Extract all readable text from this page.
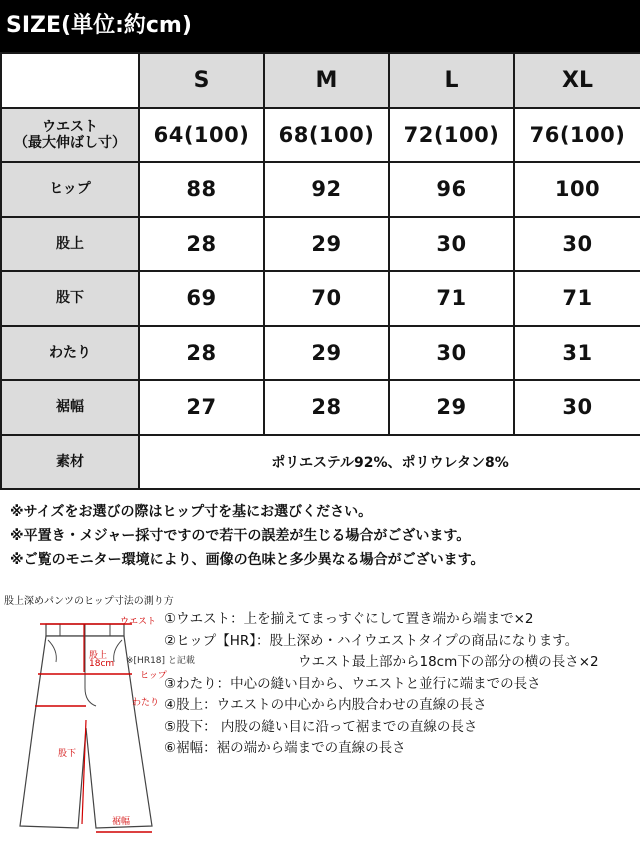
SIZE(単位:約cm)
	S	M	L	XL

ウエスト
（最大伸ばし寸）	64(100)	68(100)	72(100)	76(100)
ヒップ	88	92	96	100
股上	28	29	30	30
股下	69	70	71	71
わたり	28	29	30	31
裾幅	27	28	29	30
素材	ポリエステル92%、ポリウレタン8%			
※サイズをお選びの際はヒップ寸を基にお選びください。
※平置き・メジャー採寸ですので若干の誤差が生じる場合がございます。
※ご覧のモニター環境により、画像の色味と多少異なる場合がございます。
股上深めパンツのヒップ寸法の測り方
ウエスト
股上
18cm ※[HR18] と記載
ヒップ
わたり
股下
裾幅
①ウエスト：上を揃えてまっすぐにして置き端から端まで×2
②ヒップ【HR】：股上深め・ハイウエストタイプの商品になります。
ウエスト最上部から18cm下の部分の横の長さ×2
③わたり：中心の縫い目から、ウエストと並行に端までの長さ
④股上：ウエストの中心から内股合わせの直線の長さ
⑤股下： 内股の縫い目に沿って裾までの直線の長さ
⑥裾幅：裾の端から端までの直線の長さ
